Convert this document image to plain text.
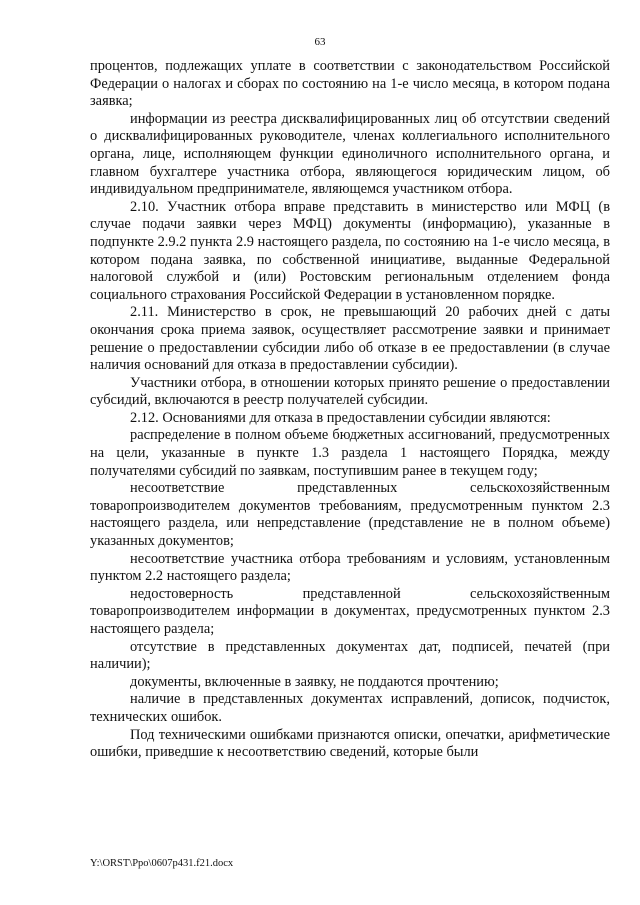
63

процентов, подлежащих уплате в соответствии с законодательством Российской Федерации о налогах и сборах по состоянию на 1-е число месяца, в котором подана заявка;

информации из реестра дисквалифицированных лиц об отсутствии сведений о дисквалифицированных руководителе, членах коллегиального исполнительного органа, лице, исполняющем функции единоличного исполнительного органа, и главном бухгалтере участника отбора, являющегося юридическим лицом, об индивидуальном предпринимателе, являющемся участником отбора.

2.10. Участник отбора вправе представить в министерство или МФЦ (в случае подачи заявки через МФЦ) документы (информацию), указанные в подпункте 2.9.2 пункта 2.9 настоящего раздела, по состоянию на 1-е число месяца, в котором подана заявка, по собственной инициативе, выданные Федеральной налоговой службой и (или) Ростовским региональным отделением фонда социального страхования Российской Федерации в установленном порядке.

2.11. Министерство в срок, не превышающий 20 рабочих дней с даты окончания срока приема заявок, осуществляет рассмотрение заявки и принимает решение о предоставлении субсидии либо об отказе в ее предоставлении (в случае наличия оснований для отказа в предоставлении субсидии).

Участники отбора, в отношении которых принято решение о предоставлении субсидий, включаются в реестр получателей субсидии.

2.12. Основаниями для отказа в предоставлении субсидии являются:

распределение в полном объеме бюджетных ассигнований, предусмотренных на цели, указанные в пункте 1.3 раздела 1 настоящего Порядка, между получателями субсидий по заявкам, поступившим ранее в текущем году;

несоответствие представленных сельскохозяйственным товаропроизводителем документов требованиям, предусмотренным пунктом 2.3 настоящего раздела, или непредставление (представление не в полном объеме) указанных документов;

несоответствие участника отбора требованиям и условиям, установленным пунктом 2.2 настоящего раздела;

недостоверность представленной сельскохозяйственным товаропроизводителем информации в документах, предусмотренных пунктом 2.3 настоящего раздела;

отсутствие в представленных документах дат, подписей, печатей (при наличии);

документы, включенные в заявку, не поддаются прочтению;

наличие в представленных документах исправлений, дописок, подчисток, технических ошибок.

Под техническими ошибками признаются описки, опечатки, арифметические ошибки, приведшие к несоответствию сведений, которые были

Y:\ORST\Ppo\0607p431.f21.docx
